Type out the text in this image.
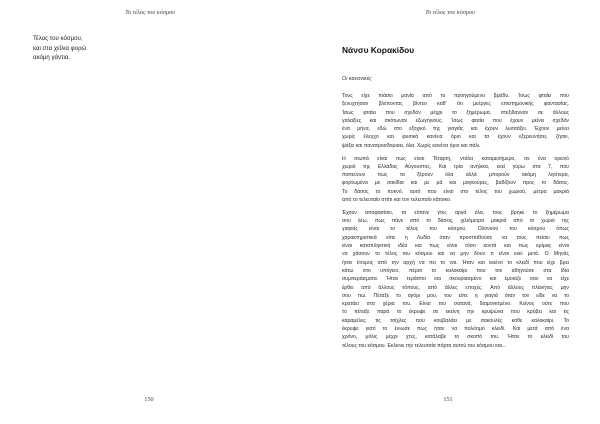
Το τέλος του κόσμου
Τέλος του κόσμου,
και στα χείλια φορώ
ακόμη γάντια.
150
Το τέλος του κόσμου
Νάνσυ Κορακίδου
Οι κανονικές
Τους είχε πιάσει μανία από το προηγούμενο βράδυ. Ίσως φταίει που
ξενυχτήσαν βλέποντας βίντεο καθ' ότι μεέργες επιστημονικής φαντασίας.
Ίσως φταίει που σχεδόν μέχρι το ξημέρωμα, στεξιδανναν σε άλλους
γαλαξίες και σκότωναν εξωγήινους. Ίσως φταίει που έχουν μείνει σχεδόν
ένα μήνα, εδώ στο εξοχικό της γιαγιάς και έχουν λυσσάξει. Έχουν μείνει
χωρίς έλεγχο και φυσικά κανένα όριο και τα έχουν εξερευνήσει, ζήσει,
ψάξει και πανατροσδοριαει, όλα. Χωρίς κανένα όριο και πάλι.
Η σιωπά είναι πως είναι Τέταρτη, ντάλα καταμεσήμερο, σε ένα ορεινό
χωριό της Ελλάδας Αύγουστος. Και τρία ανήλικα, εκεί γύρω στα 7, που
πιστεύουν πως τα ξέρουν όλα αλλά μπορούν ακόμη λιγότερα,
φορτωμένα με σακίδια και με μά και μαγκούρες, βαδίζουν προς το δάσος.
Το δάσος το πυκνό, αυτό που είναι στο τέλος του χωριού, μέτρα μακριά
από το τελευταίο σπίτι και τον τελευταίο κάτοικο.
Έχουν αποφασίσει, τα είπανε γτες αργά όλα, τους βρήκε το ξημέρωμα
σου λέω, πως πάνε από το δάσος, χιλιόμετρα μακριά από το χωριό της
γιαγιάς είναι το τέλος του κόσμου. Ολονυού του κόσμου όπως
χαρακτηριστικά είπε η Λυδία όταν προσπαθούσε να τους πείσει πως
είναι καταπληκτική ιδέα και πως είναι τόσο κοντά και πως κρίμας είναι
να χάσουν το τέλος του κόσμου και να μην δουν τι είναι εκεί μετά. Ο Μηνάς
ήταν έτοιμος από την αρχή να πει το ναι. Ήταν και εκείνο το κλειδί που είχε βρει
κάτω στο υπόγειο, πέρσι το καλοκαίρι που τον αδηγούσε στα ίδια
συμπεράσματα. Ήταν τεράστιο και σκουριασμένο και έμοιαζε σαν να είχε
έρθει από άλλους τόπους, από άλλες εποχές. Από άλλους πλανήτες μην
σου πω. Πέταξε το αγόρι μου, του είπε η γιαγιά όταν τον είδε να το
κρατάει στα χέρια του. Είναι του σατανά, δαιμονισμένο. Κείνος ούτε που
το πέταξε παρά το έκρυψε σε εκείνη την κρυψώνα που κρύβει και τις
καραμέλες τις τσίχλες που κουβαλάει με σακουλές καθε καλοκαίρι. Το
έκρυψε γιατί το ένιωσε πως ήταν να πολύτιμο κλειδί. Και μετά από ένα
χρόνο, μόλις μέχρι χτες, κατάλαβε το σκοπό του. Ήταν το κλειδί του
τέλους του κόσμου. Εκλεινε την τελευταία πόρτα αυτού του κόσμου και...
151
